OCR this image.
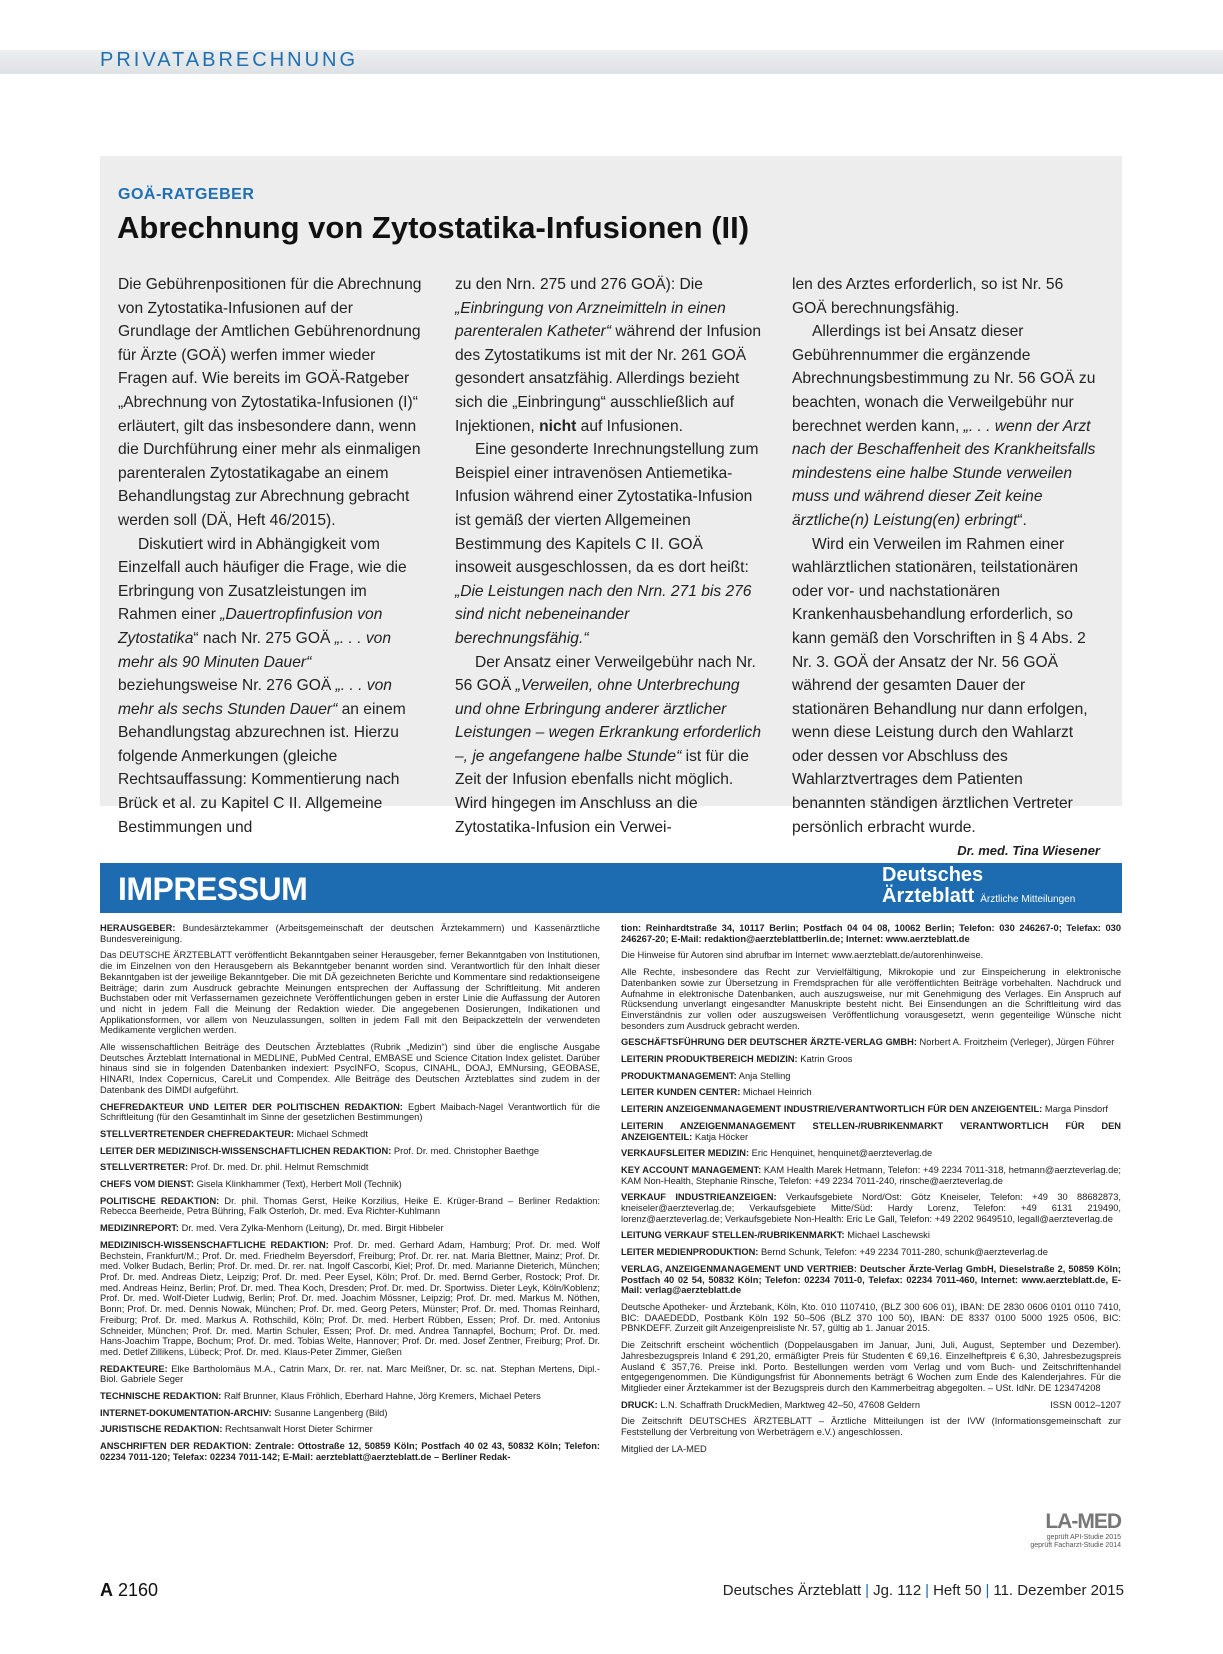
PRIVATABRECHNUNG
GOÄ-RATGEBER
Abrechnung von Zytostatika-Infusionen (II)

Die Gebührenpositionen für die Abrechnung von Zytostatika-Infusionen auf der Grundlage der Amtlichen Gebührenordnung für Ärzte (GOÄ) werfen immer wieder Fragen auf. Wie bereits im GOÄ-Ratgeber „Abrechnung von Zytostatika-Infusionen (I)“ erläutert, gilt das insbesondere dann, wenn die Durchführung einer mehr als einmaligen parenteralen Zytostatikagabe an einem Behandlungstag zur Abrechnung gebracht werden soll (DÄ, Heft 46/2015).

Diskutiert wird in Abhängigkeit vom Einzelfall auch häufiger die Frage, wie die Erbringung von Zusatzleistungen im Rahmen einer „Dauertropfinfusion von Zytostatika“ nach Nr. 275 GOÄ „. . . von mehr als 90 Minuten Dauer“ beziehungsweise Nr. 276 GOÄ „. . . von mehr als sechs Stunden Dauer“ an einem Behandlungstag abzurechnen ist. Hierzu folgende Anmerkungen (gleiche Rechtsauffassung: Kommentierung nach Brück et al. zu Kapitel C II. Allgemeine Bestimmungen und

zu den Nrn. 275 und 276 GOÄ): Die „Einbringung von Arzneimitteln in einen parenteralen Katheter“ während der Infusion des Zytostatikums ist mit der Nr. 261 GOÄ gesondert ansatzfähig. Allerdings bezieht sich die „Einbringung“ ausschließlich auf Injektionen, nicht auf Infusionen.

Eine gesonderte Inrechnungstellung zum Beispiel einer intravenösen Antiemetika-Infusion während einer Zytostatika-Infusion ist gemäß der vierten Allgemeinen Bestimmung des Kapitels C II. GOÄ insoweit ausgeschlossen, da es dort heißt: „Die Leistungen nach den Nrn. 271 bis 276 sind nicht nebeneinander berechnungsfähig.“

Der Ansatz einer Verweilgebühr nach Nr. 56 GOÄ „Verweilen, ohne Unterbrechung und ohne Erbringung anderer ärztlicher Leistungen – wegen Erkrankung erforderlich –, je angefangene halbe Stunde“ ist für die Zeit der Infusion ebenfalls nicht möglich. Wird hingegen im Anschluss an die Zytostatika-Infusion ein Verwei-

len des Arztes erforderlich, so ist Nr. 56 GOÄ berechnungsfähig.

Allerdings ist bei Ansatz dieser Gebührennummer die ergänzende Abrechnungsbestimmung zu Nr. 56 GOÄ zu beachten, wonach die Verweilgebühr nur berechnet werden kann, „. . . wenn der Arzt nach der Beschaffenheit des Krankheitsfalls mindestens eine halbe Stunde verweilen muss und während dieser Zeit keine ärztliche(n) Leistung(en) erbringt“.

Wird ein Verweilen im Rahmen einer wahlärztlichen stationären, teilstationären oder vor- und nachstationären Krankenhausbehandlung erforderlich, so kann gemäß den Vorschriften in § 4 Abs. 2 Nr. 3. GOÄ der Ansatz der Nr. 56 GOÄ während der gesamten Dauer der stationären Behandlung nur dann erfolgen, wenn diese Leistung durch den Wahlarzt oder dessen vor Abschluss des Wahlarztvertrages dem Patienten benannten ständigen ärztlichen Vertreter persönlich erbracht wurde.

Dr. med. Tina Wiesener

IMPRESSUM	Deutsches
Ärzteblatt Ärztliche Mitteilungen

HERAUSGEBER: Bundesärztekammer (Arbeitsgemeinschaft der deutschen Ärztekammern) und Kassenärztliche Bundesvereinigung.

Das DEUTSCHE ÄRZTEBLATT veröffentlicht Bekanntgaben seiner Herausgeber, ferner Bekanntgaben von Institutionen, die im Einzelnen von den Herausgebern als Bekanntgeber benannt worden sind. Verantwortlich für den Inhalt dieser Bekanntgaben ist der jeweilige Bekanntgeber. Die mit DÄ gezeichneten Berichte und Kommentare sind redaktionseigene Beiträge; darin zum Ausdruck gebrachte Meinungen entsprechen der Auffassung der Schriftleitung. Mit anderen Buchstaben oder mit Verfassernamen gezeichnete Veröffentlichungen geben in erster Linie die Auffassung der Autoren und nicht in jedem Fall die Meinung der Redaktion wieder. Die angegebenen Dosierungen, Indikationen und Applikationsformen, vor allem von Neuzulassungen, sollten in jedem Fall mit den Beipackzetteln der verwendeten Medikamente verglichen werden.

Alle wissenschaftlichen Beiträge des Deutschen Ärzteblattes (Rubrik „Medizin“) sind über die englische Ausgabe Deutsches Ärzteblatt International in MEDLINE, PubMed Central, EMBASE und Science Citation Index gelistet. Darüber hinaus sind sie in folgenden Datenbanken indexiert: PsycINFO, Scopus, CINAHL, DOAJ, EMNursing, GEOBASE, HINARI, Index Copernicus, CareLit und Compendex. Alle Beiträge des Deutschen Ärzteblattes sind zudem in der Datenbank des DIMDI aufgeführt.

CHEFREDAKTEUR UND LEITER DER POLITISCHEN REDAKTION: Egbert Maibach-Nagel Verantwortlich für die Schriftleitung (für den Gesamtinhalt im Sinne der gesetzlichen Bestimmungen)

STELLVERTRETENDER CHEFREDAKTEUR: Michael Schmedt

LEITER DER MEDIZINISCH-WISSENSCHAFTLICHEN REDAKTION: Prof. Dr. med. Christopher Baethge

STELLVERTRETER: Prof. Dr. med. Dr. phil. Helmut Remschmidt

CHEFS VOM DIENST: Gisela Klinkhammer (Text), Herbert Moll (Technik)

POLITISCHE REDAKTION: Dr. phil. Thomas Gerst, Heike Korzilius, Heike E. Krüger-Brand – Berliner Redaktion: Rebecca Beerheide, Petra Bühring, Falk Osterloh, Dr. med. Eva Richter-Kuhlmann

MEDIZINREPORT: Dr. med. Vera Zylka-Menhorn (Leitung), Dr. med. Birgit Hibbeler

MEDIZINISCH-WISSENSCHAFTLICHE REDAKTION: Prof. Dr. med. Gerhard Adam, Hamburg; Prof. Dr. med. Wolf Bechstein, Frankfurt/M.; Prof. Dr. med. Friedhelm Beyersdorf, Freiburg; Prof. Dr. rer. nat. Maria Blettner, Mainz; Prof. Dr. med. Volker Budach, Berlin; Prof. Dr. med. Dr. rer. nat. Ingolf Cascorbi, Kiel; Prof. Dr. med. Marianne Dieterich, München; Prof. Dr. med. Andreas Dietz, Leipzig; Prof. Dr. med. Peer Eysel, Köln; Prof. Dr. med. Bernd Gerber, Rostock; Prof. Dr. med. Andreas Heinz, Berlin; Prof. Dr. med. Thea Koch, Dresden; Prof. Dr. med. Dr. Sportwiss. Dieter Leyk, Köln/Koblenz; Prof. Dr. med. Wolf-Dieter Ludwig, Berlin; Prof. Dr. med. Joachim Mössner, Leipzig; Prof. Dr. med. Markus M. Nöthen, Bonn; Prof. Dr. med. Dennis Nowak, München; Prof. Dr. med. Georg Peters, Münster; Prof. Dr. med. Thomas Reinhard, Freiburg; Prof. Dr. med. Markus A. Rothschild, Köln; Prof. Dr. med. Herbert Rübben, Essen; Prof. Dr. med. Antonius Schneider, München; Prof. Dr. med. Martin Schuler, Essen; Prof. Dr. med. Andrea Tannapfel, Bochum; Prof. Dr. med. Hans-Joachim Trappe, Bochum; Prof. Dr. med. Tobias Welte, Hannover; Prof. Dr. med. Josef Zentner, Freiburg; Prof. Dr. med. Detlef Zillikens, Lübeck; Prof. Dr. med. Klaus-Peter Zimmer, Gießen

REDAKTEURE: Elke Bartholomäus M.A., Catrin Marx, Dr. rer. nat. Marc Meißner, Dr. sc. nat. Stephan Mertens, Dipl.-Biol. Gabriele Seger

TECHNISCHE REDAKTION: Ralf Brunner, Klaus Fröhlich, Eberhard Hahne, Jörg Kremers, Michael Peters

INTERNET-DOKUMENTATION-ARCHIV: Susanne Langenberg (Bild)

JURISTISCHE REDAKTION: Rechtsanwalt Horst Dieter Schirmer

ANSCHRIFTEN DER REDAKTION: Zentrale: Ottostraße 12, 50859 Köln; Postfach 40 02 43, 50832 Köln; Telefon: 02234 7011-120; Telefax: 02234 7011-142; E-Mail: aerzteblatt@aerzteblatt.de – Berliner Redak-

tion: Reinhardtstraße 34, 10117 Berlin; Postfach 04 04 08, 10062 Berlin; Telefon: 030 246267-0; Telefax: 030 246267-20; E-Mail: redaktion@aerzteblattberlin.de; Internet: www.aerzteblatt.de

Die Hinweise für Autoren sind abrufbar im Internet: www.aerzteblatt.de/autorenhinweise.

Alle Rechte, insbesondere das Recht zur Vervielfältigung, Mikrokopie und zur Einspeicherung in elektronische Datenbanken sowie zur Übersetzung in Fremdsprachen für alle veröffentlichten Beiträge vorbehalten. Nachdruck und Aufnahme in elektronische Datenbanken, auch auszugsweise, nur mit Genehmigung des Verlages. Ein Anspruch auf Rücksendung unverlangt eingesandter Manuskripte besteht nicht. Bei Einsendungen an die Schriftleitung wird das Einverständnis zur vollen oder auszugsweisen Veröffentlichung vorausgesetzt, wenn gegenteilige Wünsche nicht besonders zum Ausdruck gebracht werden.

GESCHÄFTSFÜHRUNG DER DEUTSCHER ÄRZTE-VERLAG GMBH: Norbert A. Froitzheim (Verleger), Jürgen Führer

LEITERIN PRODUKTBEREICH MEDIZIN: Katrin Groos

PRODUKTMANAGEMENT: Anja Stelling

LEITER KUNDEN CENTER: Michael Heinrich

LEITERIN ANZEIGENMANAGEMENT INDUSTRIE/VERANTWORTLICH FÜR DEN ANZEIGENTEIL: Marga Pinsdorf

LEITERIN ANZEIGENMANAGEMENT STELLEN-/RUBRIKENMARKT VERANTWORTLICH FÜR DEN ANZEIGENTEIL: Katja Höcker

VERKAUFSLEITER MEDIZIN: Eric Henquinet, henquinet@aerzteverlag.de

KEY ACCOUNT MANAGEMENT: KAM Health Marek Hetmann, Telefon: +49 2234 7011-318, hetmann@aerzteverlag.de; KAM Non-Health, Stephanie Rinsche, Telefon: +49 2234 7011-240, rinsche@aerzteverlag.de

VERKAUF INDUSTRIEANZEIGEN: Verkaufsgebiete Nord/Ost: Götz Kneiseler, Telefon: +49 30 88682873, kneiseler@aerzteverlag.de; Verkaufsgebiete Mitte/Süd: Hardy Lorenz, Telefon: +49 6131 219490, lorenz@aerzteverlag.de; Verkaufsgebiete Non-Health: Eric Le Gall, Telefon: +49 2202 9649510, legall@aerzteverlag.de

LEITUNG VERKAUF STELLEN-/RUBRIKENMARKT: Michael Laschewski

LEITER MEDIENPRODUKTION: Bernd Schunk, Telefon: +49 2234 7011-280, schunk@aerzteverlag.de

VERLAG, ANZEIGENMANAGEMENT UND VERTRIEB: Deutscher Ärzte-Verlag GmbH, Dieselstraße 2, 50859 Köln; Postfach 40 02 54, 50832 Köln; Telefon: 02234 7011-0, Telefax: 02234 7011-460, Internet: www.aerzteblatt.de, E-Mail: verlag@aerzteblatt.de

Deutsche Apotheker- und Ärztebank, Köln, Kto. 010 1107410, (BLZ 300 606 01), IBAN: DE 2830 0606 0101 0110 7410, BIC: DAAEDEDD, Postbank Köln 192 50–506 (BLZ 370 100 50), IBAN: DE 8337 0100 5000 1925 0506, BIC: PBNKDEFF. Zurzeit gilt Anzeigenpreisliste Nr. 57, gültig ab 1. Januar 2015.

Die Zeitschrift erscheint wöchentlich (Doppelausgaben im Januar, Juni, Juli, August, September und Dezember). Jahresbezugspreis Inland € 291,20, ermäßigter Preis für Studenten € 69,16. Einzelheftpreis € 6,30, Jahresbezugspreis Ausland € 357,76. Preise inkl. Porto. Bestellungen werden vom Verlag und vom Buch- und Zeitschriftenhandel entgegengenommen. Die Kündigungsfrist für Abonnements beträgt 6 Wochen zum Ende des Kalenderjahres. Für die Mitglieder einer Ärztekammer ist der Bezugspreis durch den Kammerbeitrag abgegolten. – USt. IdNr. DE 123474208

DRUCK: L.N. Schaffrath DruckMedien, Marktweg 42–50, 47608 Geldern	ISSN 0012–1207

Die Zeitschrift DEUTSCHES ÄRZTEBLATT – Ärztliche Mitteilungen ist der IVW (Informationsgemeinschaft zur Feststellung der Verbreitung von Werbeträgern e.V.) angeschlossen.

Mitglied der LA-MED

LA-MED
geprüft API-Studie 2015
geprüft Facharzt-Studie 2014
A 2160	Deutsches Ärzteblatt | Jg. 112 | Heft 50 | 11. Dezember 2015
